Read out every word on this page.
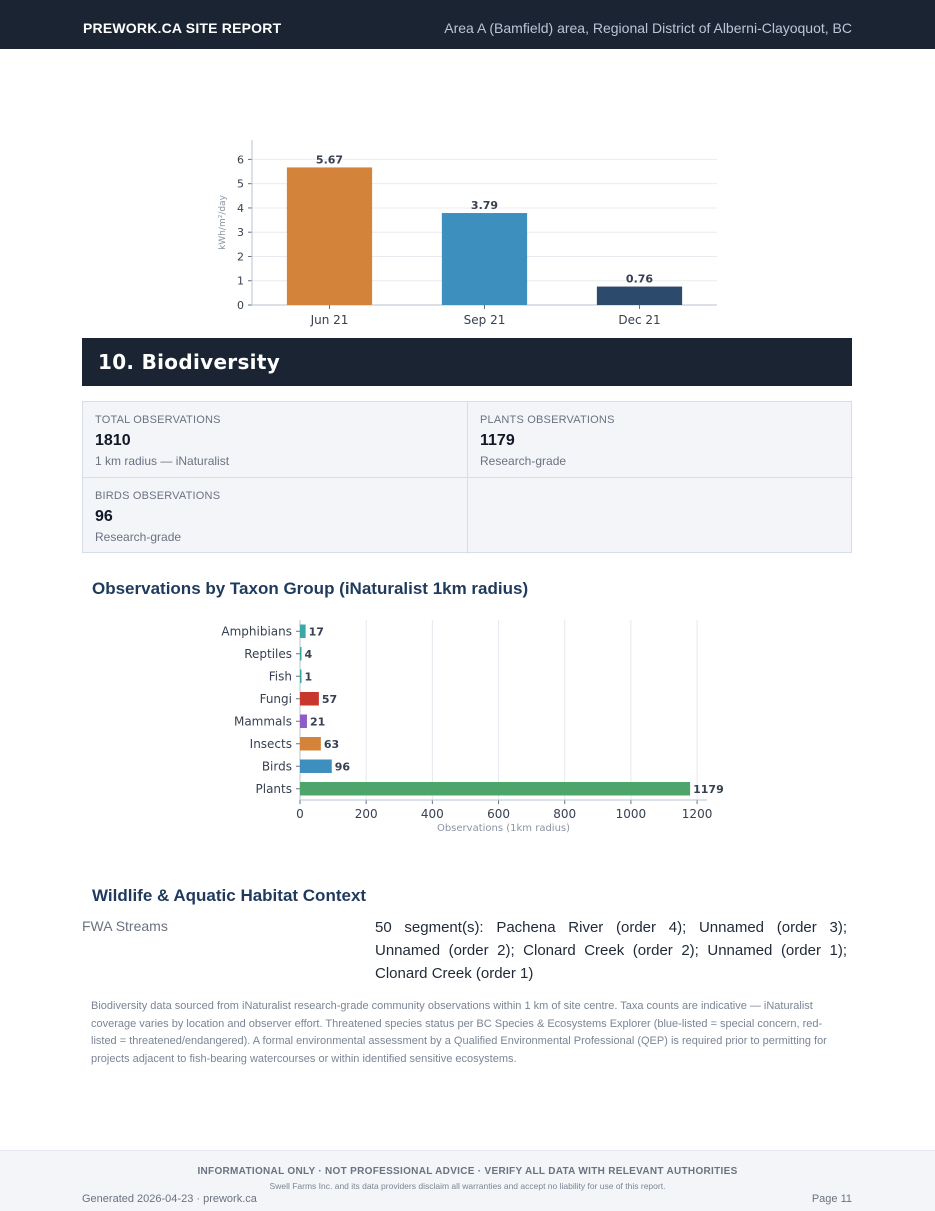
PREWORK.CA SITE REPORT	Area A (Bamfield) area, Regional District of Alberni-Clayoquot, BC
0
1
2
3
4
5
6	5.67
Jun 21
3.79
Sep 21
0.76
Dec 21
kWh/m²/day
10. Biodiversity
TOTAL OBSERVATIONS
1810
1 km radius — iNaturalist
PLANTS OBSERVATIONS
1179
Research-grade
BIRDS OBSERVATIONS
96
Research-grade
Observations by Taxon Group (iNaturalist 1km radius)
0	200	400	600	800	1000	1200
17
Amphibians
4
Reptiles
1
Fish
57
Fungi
21
Mammals
63
Insects
96
Birds
1179
Plants
Observations (1km radius)
Wildlife & Aquatic Habitat Context
FWA Streams	50 segment(s): Pachena River (order 4); Unnamed (order 3); Unnamed (order 2); Clonard Creek (order 2); Unnamed (order 1); Clonard Creek (order 1)
Biodiversity data sourced from iNaturalist research-grade community observations within 1 km of site centre. Taxa counts are indicative — iNaturalist coverage varies by location and observer effort. Threatened species status per BC Species & Ecosystems Explorer (blue-listed = special concern, red-listed = threatened/endangered). A formal environmental assessment by a Qualified Environmental Professional (QEP) is required prior to permitting for projects adjacent to fish-bearing watercourses or within identified sensitive ecosystems.
INFORMATIONAL ONLY · NOT PROFESSIONAL ADVICE · VERIFY ALL DATA WITH RELEVANT AUTHORITIES
Swell Farms Inc. and its data providers disclaim all warranties and accept no liability for use of this report.
Generated 2026-04-23 · prework.ca	Page 11
